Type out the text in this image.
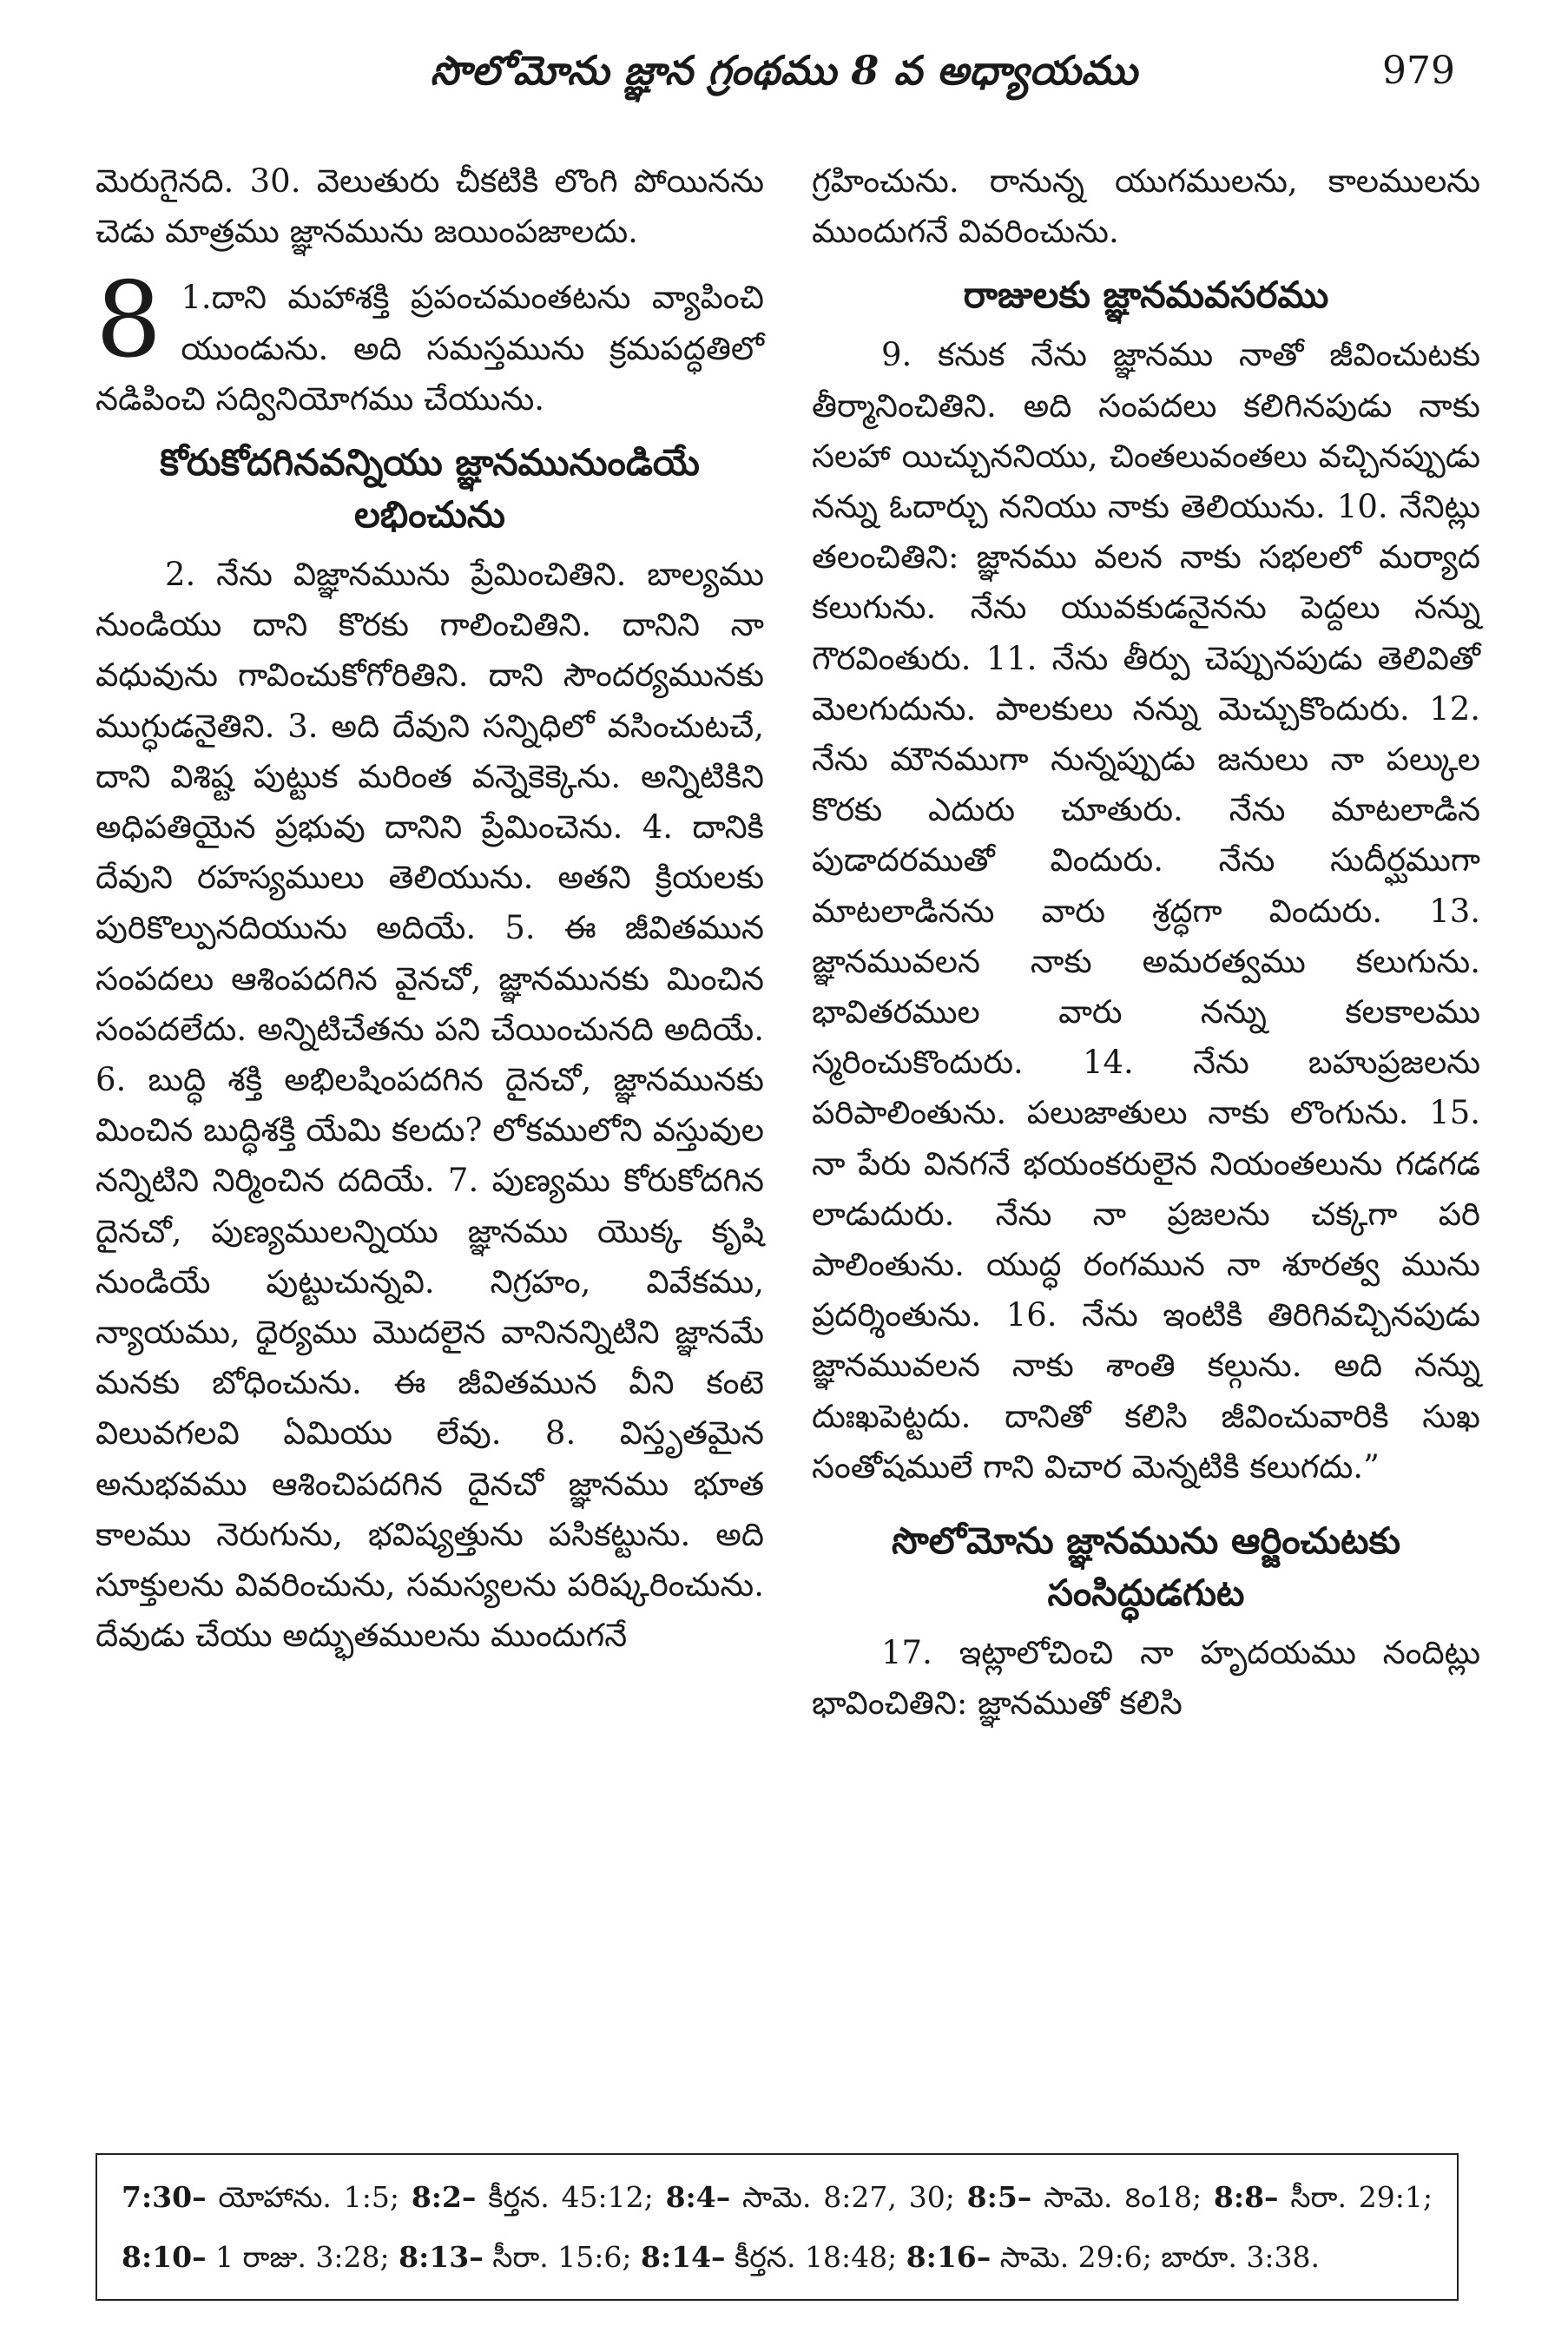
సొలోమోను జ్ఞాన గ్రంథము 8 వ అధ్యాయము	979

మెరుగైనది. 30. వెలుతురు చీకటికి లొంగి పోయినను చెడు మాత్రము జ్ఞానమును జయింపజాలదు.

8 1.దాని మహాశక్తి ప్రపంచమంతటను వ్యాపించి యుండును. అది సమస్తమును క్రమపద్ధతిలో నడిపించి సద్వినియోగము చేయును.

కోరుకోదగినవన్నియు జ్ఞానమునుండియే లభించును

2. నేను విజ్ఞానమును ప్రేమించితిని. బాల్యము నుండియు దాని కొరకు గాలించితిని. దానిని నా వధువును గావించుకోగోరితిని. దాని సౌందర్యమునకు ముగ్ధుడనైతిని. 3. అది దేవుని సన్నిధిలో వసించుటచే, దాని విశిష్ట పుట్టుక మరింత వన్నెకెక్కెను. అన్నిటికిని అధిపతియైన ప్రభువు దానిని ప్రేమించెను. 4. దానికి దేవుని రహస్యములు తెలియును. అతని క్రియలకు పురికొల్పునదియును అదియే. 5. ఈ జీవితమున సంపదలు ఆశింపదగిన వైనచో, జ్ఞానమునకు మించిన సంపదలేదు. అన్నిటిచేతను పని చేయించునది అదియే. 6. బుద్ధి శక్తి అభిలషింపదగిన దైనచో, జ్ఞానమునకు మించిన బుద్ధిశక్తి యేమి కలదు? లోకములోని వస్తువుల నన్నిటిని నిర్మించిన దదియే. 7. పుణ్యము కోరుకోదగిన దైనచో, పుణ్యములన్నియు జ్ఞానము యొక్క కృషి నుండియే పుట్టుచున్నవి. నిగ్రహం, వివేకము, న్యాయము, ధైర్యము మొదలైన వానినన్నిటిని జ్ఞానమే మనకు బోధించును. ఈ జీవితమున వీని కంటె విలువగలవి ఏమియు లేవు. 8. విస్తృతమైన అనుభవము ఆశించిపదగిన దైనచో జ్ఞానము భూత కాలము నెరుగును, భవిష్యత్తును పసికట్టును. అది సూక్తులను వివరించును, సమస్యలను పరిష్కరించును. దేవుడు చేయు అద్భుతములను ముందుగనే

గ్రహించును. రానున్న యుగములను, కాలములను ముందుగనే వివరించును.

రాజులకు జ్ఞానమవసరము

9. కనుక నేను జ్ఞానము నాతో జీవించుటకు తీర్మానించితిని. అది సంపదలు కలిగినపుడు నాకు సలహా యిచ్చుననియు, చింతలువంతలు వచ్చినప్పుడు నన్ను ఓదార్చు ననియు నాకు తెలియును. 10. నేనిట్లు తలంచితిని: జ్ఞానము వలన నాకు సభలలో మర్యాద కలుగును. నేను యువకుడనైనను పెద్దలు నన్ను గౌరవింతురు. 11. నేను తీర్పు చెప్పునపుడు తెలివితో మెలగుదును. పాలకులు నన్ను మెచ్చుకొందురు. 12. నేను మౌనముగా నున్నప్పుడు జనులు నా పల్కుల కొరకు ఎదురు చూతురు. నేను మాటలాడిన పుడాదరముతో విందురు. నేను సుదీర్ఘముగా మాటలాడినను వారు శ్రద్ధగా విందురు. 13. జ్ఞానమువలన నాకు అమరత్వము కలుగును. భావితరముల వారు నన్ను కలకాలము స్మరించుకొందురు. 14. నేను బహుప్రజలను పరిపాలింతును. పలుజాతులు నాకు లొంగును. 15. నా పేరు వినగనే భయంకరులైన నియంతలును గడగడ లాడుదురు. నేను నా ప్రజలను చక్కగా పరి పాలింతును. యుద్ధ రంగమున నా శూరత్వ మును ప్రదర్శింతును. 16. నేను ఇంటికి తిరిగివచ్చినపుడు జ్ఞానమువలన నాకు శాంతి కల్గును. అది నన్ను దుఃఖపెట్టదు. దానితో కలిసి జీవించువారికి సుఖ సంతోషములే గాని విచార మెన్నటికి కలుగదు.”

సొలోమోను జ్ఞానమును ఆర్జించుటకు సంసిద్ధుడగుట

17. ఇట్లాలోచించి నా హృదయము నందిట్లు భావించితిని: జ్ఞానముతో కలిసి

7:30– యోహాను. 1:5; 8:2– కీర్తన. 45:12; 8:4– సామె. 8:27, 30; 8:5– సామె. 8ం18; 8:8– సీరా. 29:1; 8:10– 1 రాజు. 3:28; 8:13– సీరా. 15:6; 8:14– కీర్తన. 18:48; 8:16– సామె. 29:6; బారూ. 3:38.
